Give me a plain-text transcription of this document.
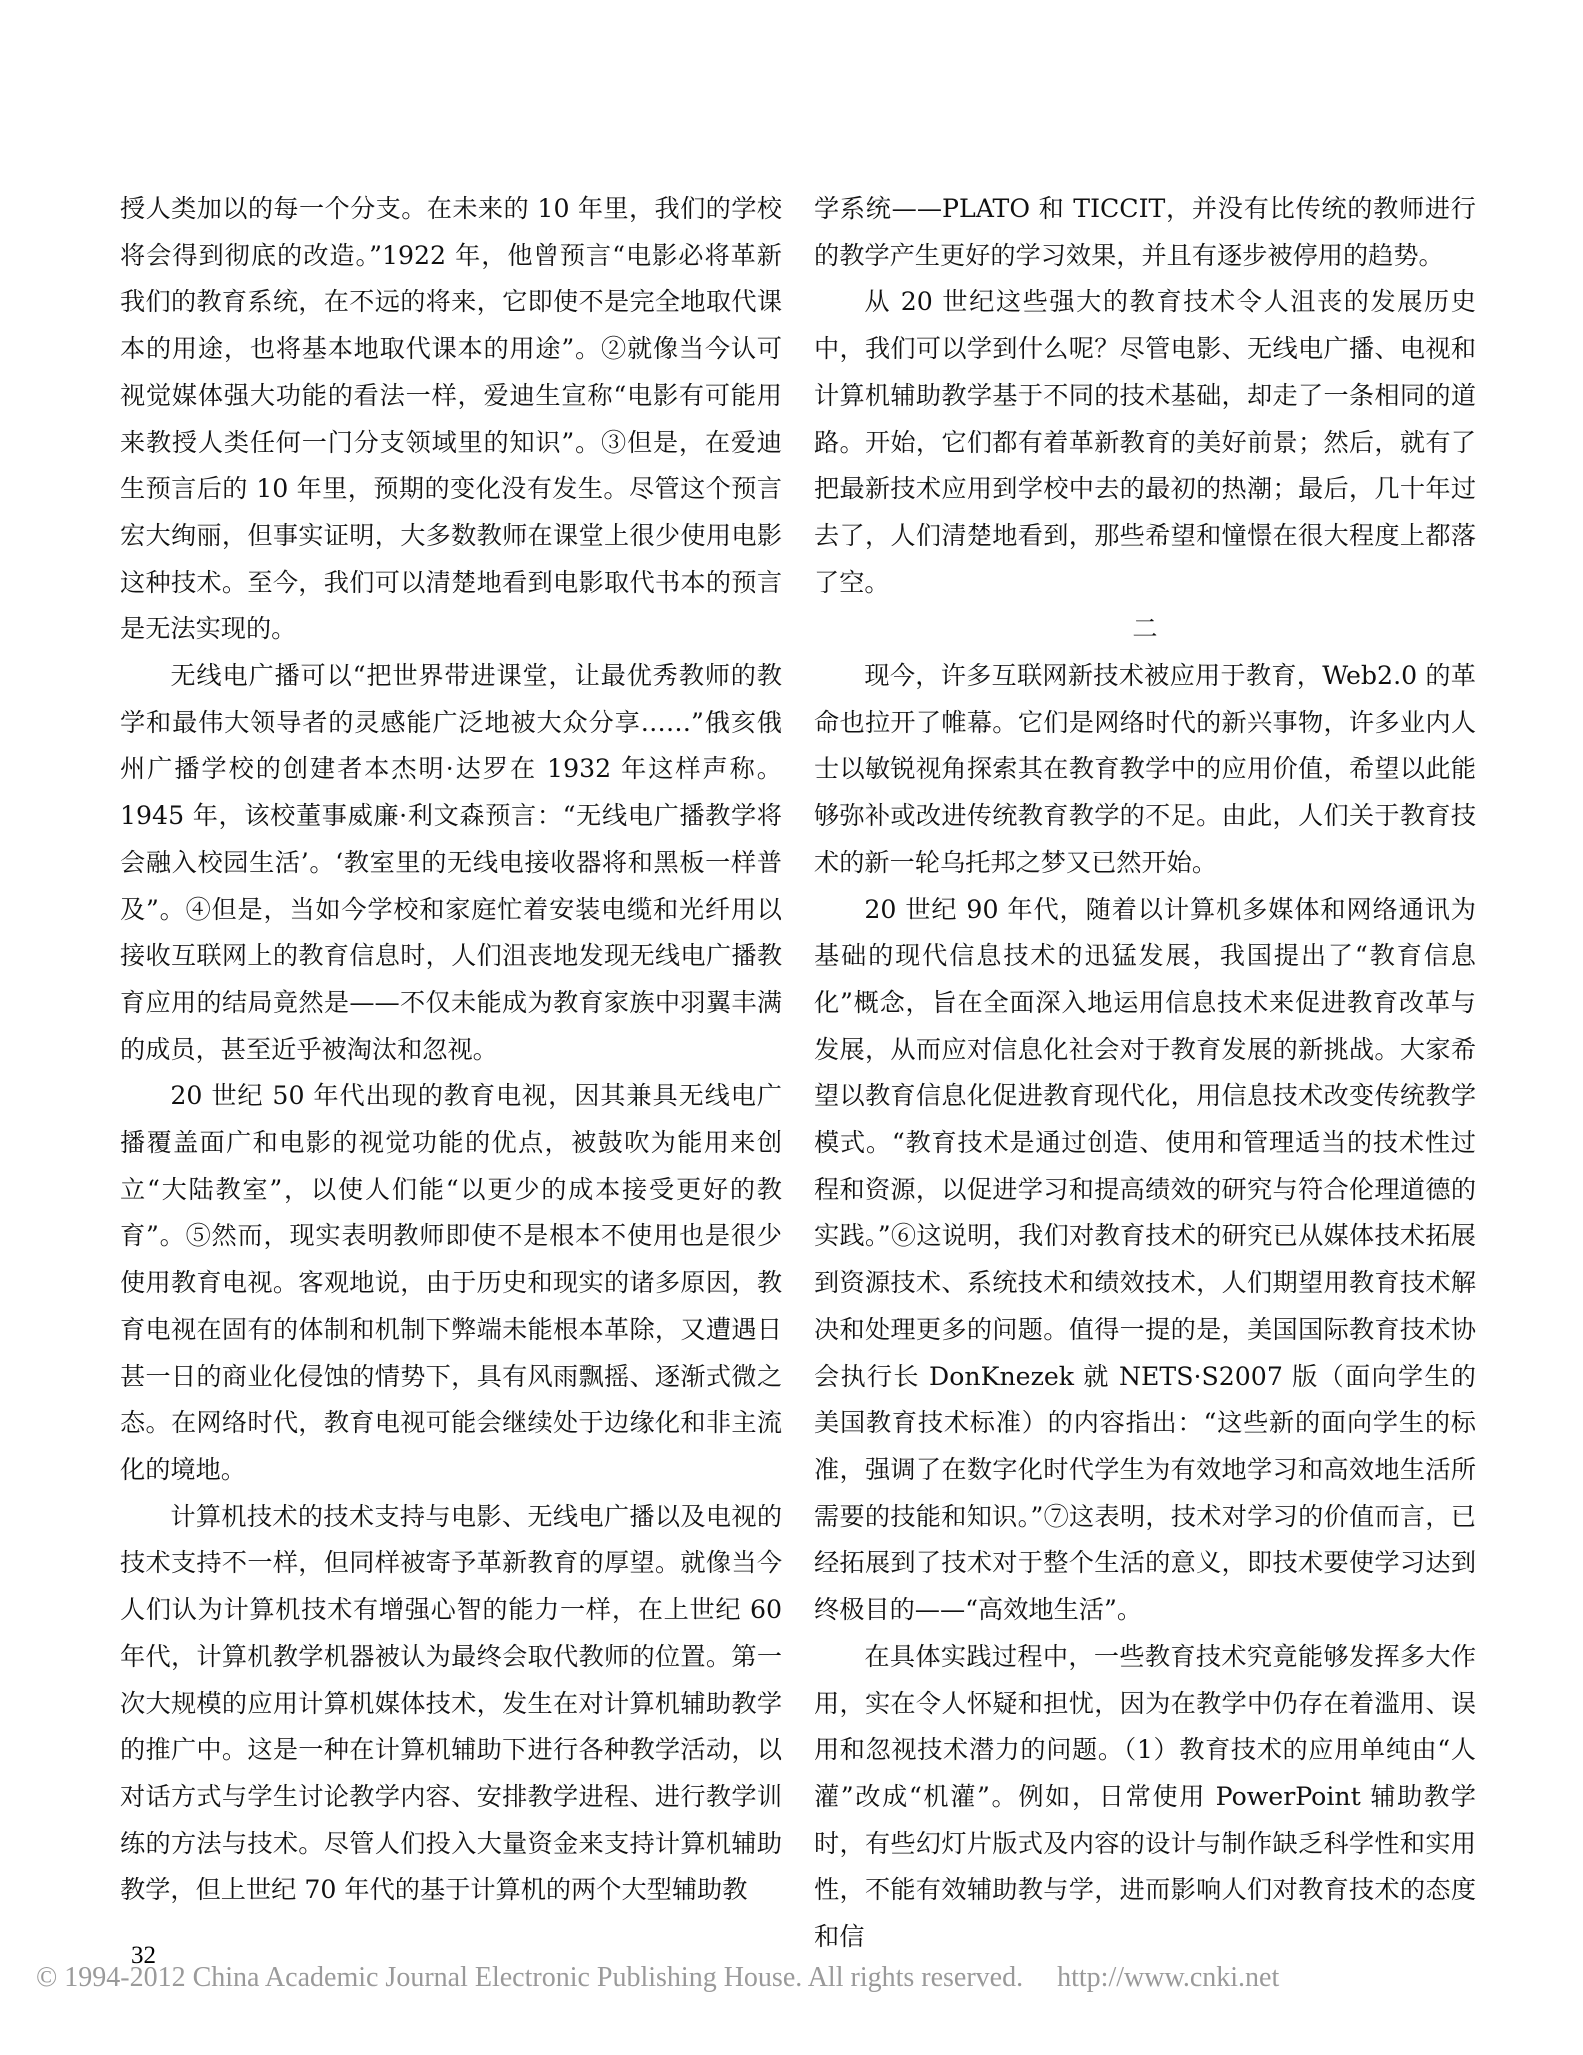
授人类加以的每一个分支。在未来的 10 年里，我们的学校将会得到彻底的改造。”1922 年，他曾预言“电影必将革新我们的教育系统，在不远的将来，它即使不是完全地取代课本的用途，也将基本地取代课本的用途”。②就像当今认可视觉媒体强大功能的看法一样，爱迪生宣称“电影有可能用来教授人类任何一门分支领域里的知识”。③但是，在爱迪生预言后的 10 年里，预期的变化没有发生。尽管这个预言宏大绚丽，但事实证明，大多数教师在课堂上很少使用电影这种技术。至今，我们可以清楚地看到电影取代书本的预言是无法实现的。

无线电广播可以“把世界带进课堂，让最优秀教师的教学和最伟大领导者的灵感能广泛地被大众分享……”俄亥俄州广播学校的创建者本杰明·达罗在 1932 年这样声称。1945 年，该校董事威廉·利文森预言：“无线电广播教学将会融入校园生活’。‘教室里的无线电接收器将和黑板一样普及”。④但是，当如今学校和家庭忙着安装电缆和光纤用以接收互联网上的教育信息时，人们沮丧地发现无线电广播教育应用的结局竟然是——不仅未能成为教育家族中羽翼丰满的成员，甚至近乎被淘汰和忽视。

20 世纪 50 年代出现的教育电视，因其兼具无线电广播覆盖面广和电影的视觉功能的优点，被鼓吹为能用来创立“大陆教室”，以使人们能“以更少的成本接受更好的教育”。⑤然而，现实表明教师即使不是根本不使用也是很少使用教育电视。客观地说，由于历史和现实的诸多原因，教育电视在固有的体制和机制下弊端未能根本革除，又遭遇日甚一日的商业化侵蚀的情势下，具有风雨飘摇、逐渐式微之态。在网络时代，教育电视可能会继续处于边缘化和非主流化的境地。

计算机技术的技术支持与电影、无线电广播以及电视的技术支持不一样，但同样被寄予革新教育的厚望。就像当今人们认为计算机技术有增强心智的能力一样，在上世纪 60 年代，计算机教学机器被认为最终会取代教师的位置。第一次大规模的应用计算机媒体技术，发生在对计算机辅助教学的推广中。这是一种在计算机辅助下进行各种教学活动，以对话方式与学生讨论教学内容、安排教学进程、进行教学训练的方法与技术。尽管人们投入大量资金来支持计算机辅助教学，但上世纪 70 年代的基于计算机的两个大型辅助教

学系统——PLATO 和 TICCIT，并没有比传统的教师进行的教学产生更好的学习效果，并且有逐步被停用的趋势。

从 20 世纪这些强大的教育技术令人沮丧的发展历史中，我们可以学到什么呢？尽管电影、无线电广播、电视和计算机辅助教学基于不同的技术基础，却走了一条相同的道路。开始，它们都有着革新教育的美好前景；然后，就有了把最新技术应用到学校中去的最初的热潮；最后，几十年过去了，人们清楚地看到，那些希望和憧憬在很大程度上都落了空。

二

现今，许多互联网新技术被应用于教育，Web2.0 的革命也拉开了帷幕。它们是网络时代的新兴事物，许多业内人士以敏锐视角探索其在教育教学中的应用价值，希望以此能够弥补或改进传统教育教学的不足。由此，人们关于教育技术的新一轮乌托邦之梦又已然开始。

20 世纪 90 年代，随着以计算机多媒体和网络通讯为基础的现代信息技术的迅猛发展，我国提出了“教育信息化”概念，旨在全面深入地运用信息技术来促进教育改革与发展，从而应对信息化社会对于教育发展的新挑战。大家希望以教育信息化促进教育现代化，用信息技术改变传统教学模式。“教育技术是通过创造、使用和管理适当的技术性过程和资源，以促进学习和提高绩效的研究与符合伦理道德的实践。”⑥这说明，我们对教育技术的研究已从媒体技术拓展到资源技术、系统技术和绩效技术，人们期望用教育技术解决和处理更多的问题。值得一提的是，美国国际教育技术协会执行长 DonKnezek 就 NETS·S2007 版（面向学生的美国教育技术标准）的内容指出：“这些新的面向学生的标准，强调了在数字化时代学生为有效地学习和高效地生活所需要的技能和知识。”⑦这表明，技术对学习的价值而言，已经拓展到了技术对于整个生活的意义，即技术要使学习达到终极目的——“高效地生活”。

在具体实践过程中，一些教育技术究竟能够发挥多大作用，实在令人怀疑和担忧，因为在教学中仍存在着滥用、误用和忽视技术潜力的问题。（1）教育技术的应用单纯由“人灌”改成“机灌”。例如，日常使用 PowerPoint 辅助教学时，有些幻灯片版式及内容的设计与制作缺乏科学性和实用性，不能有效辅助教与学，进而影响人们对教育技术的态度和信

32
© 1994-2012 China Academic Journal Electronic Publishing House. All rights reserved. http://www.cnki.net
